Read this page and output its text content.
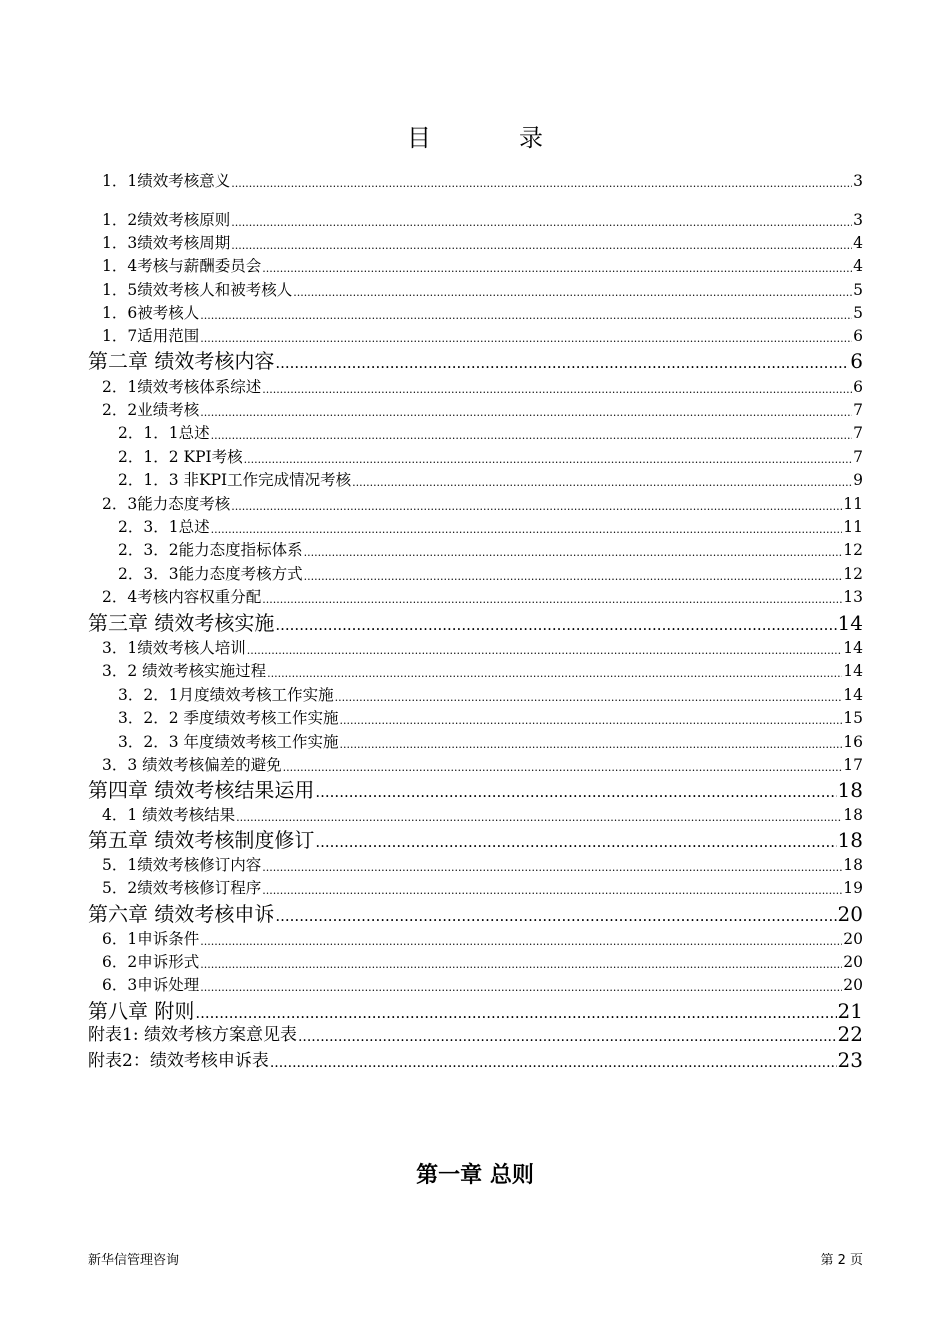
目	录
1．1绩效考核意义 .....	3
1．2绩效考核原则 .....	3
1．3绩效考核周期 .....	4
1．4考核与薪酬委员会 .....	4
1．5绩效考核人和被考核人 .....	5
1．6被考核人 .....	5
1．7适用范围 .....	6
第二章 绩效考核内容 .....	6
2．1绩效考核体系综述 .....	6
2．2业绩考核 .....	7
2．1．1总述 .....	7
2．1．2 KPI考核 .....	7
2．1．3 非KPI工作完成情况考核 .....	9
2．3能力态度考核 .....	11
2．3．1总述 .....	11
2．3．2能力态度指标体系 .....	12
2．3．3能力态度考核方式 .....	12
2．4考核内容权重分配 .....	13
第三章 绩效考核实施 .....	14
3．1绩效考核人培训 .....	14
3．2 绩效考核实施过程 .....	14
3．2．1月度绩效考核工作实施 .....	14
3．2．2 季度绩效考核工作实施 .....	15
3．2．3 年度绩效考核工作实施 .....	16
3．3 绩效考核偏差的避免 .....	17
第四章 绩效考核结果运用 .....	18
4．1 绩效考核结果 .....	18
第五章 绩效考核制度修订 .....	18
5．1绩效考核修订内容 .....	18
5．2绩效考核修订程序 .....	19
第六章 绩效考核申诉 .....	20
6．1申诉条件 .....	20
6．2申诉形式 .....	20
6．3申诉处理 .....	20
第八章 附则 .....	21
附表1: 绩效考核方案意见表 .....	22
附表2：绩效考核申诉表 .....	23
第一章 总则
新华信管理咨询	第 2 页
